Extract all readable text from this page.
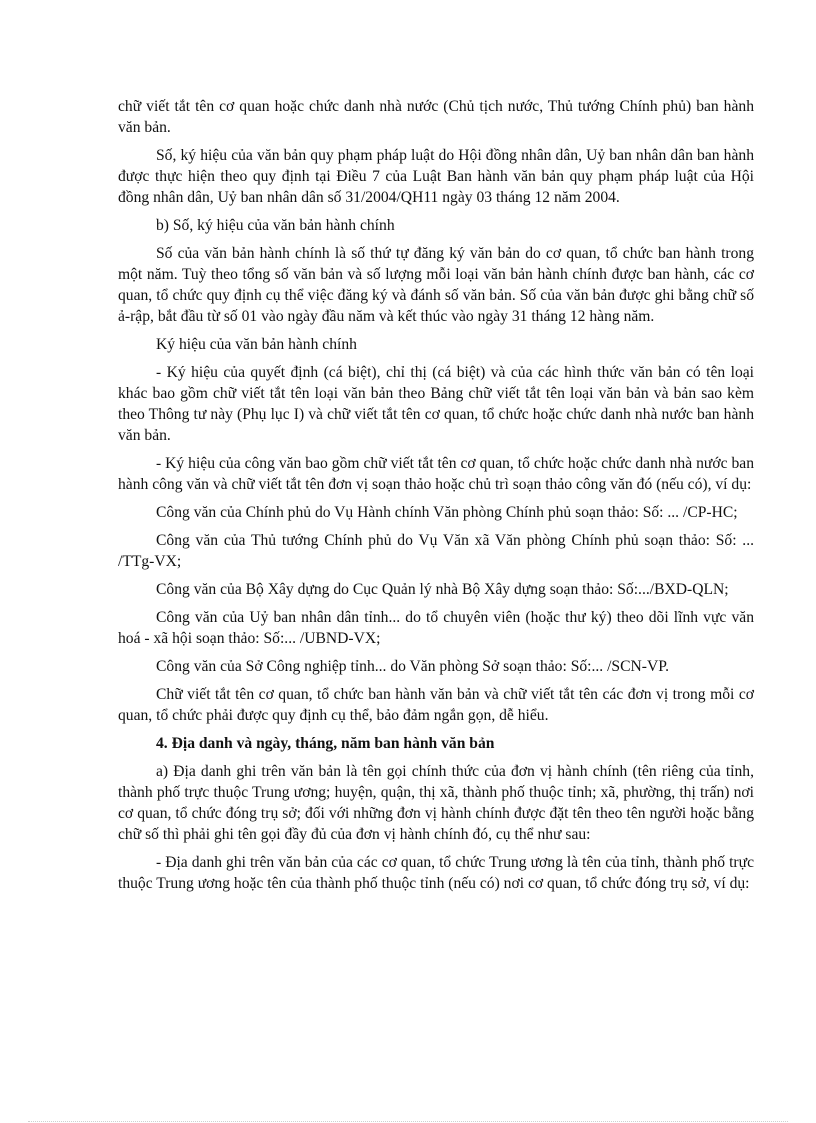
chữ viết tắt tên cơ quan hoặc chức danh nhà nước (Chủ tịch nước, Thủ tướng Chính phủ) ban hành văn bản.

Số, ký hiệu của văn bản quy phạm pháp luật do Hội đồng nhân dân, Uỷ ban nhân dân ban hành được thực hiện theo quy định tại Điều 7 của Luật Ban hành văn bản quy phạm pháp luật của Hội đồng nhân dân, Uỷ ban nhân dân số 31/2004/QH11 ngày 03 tháng 12 năm 2004.

b) Số, ký hiệu của văn bản hành chính

Số của văn bản hành chính là số thứ tự đăng ký văn bản do cơ quan, tổ chức ban hành trong một năm. Tuỳ theo tổng số văn bản và số lượng mỗi loại văn bản hành chính được ban hành, các cơ quan, tổ chức quy định cụ thể việc đăng ký và đánh số văn bản. Số của văn bản được ghi bằng chữ số ả-rập, bắt đầu từ số 01 vào ngày đầu năm và kết thúc vào ngày 31 tháng 12 hàng năm.

Ký hiệu của văn bản hành chính

- Ký hiệu của quyết định (cá biệt), chỉ thị (cá biệt) và của các hình thức văn bản có tên loại khác bao gồm chữ viết tắt tên loại văn bản theo Bảng chữ viết tắt tên loại văn bản và bản sao kèm theo Thông tư này (Phụ lục I) và chữ viết tắt tên cơ quan, tổ chức hoặc chức danh nhà nước ban hành văn bản.

- Ký hiệu của công văn bao gồm chữ viết tắt tên cơ quan, tổ chức hoặc chức danh nhà nước ban hành công văn và chữ viết tắt tên đơn vị soạn thảo hoặc chủ trì soạn thảo công văn đó (nếu có), ví dụ:

Công văn của Chính phủ do Vụ Hành chính Văn phòng Chính phủ soạn thảo: Số: ... /CP-HC;

Công văn của Thủ tướng Chính phủ do Vụ Văn xã Văn phòng Chính phủ soạn thảo: Số: ... /TTg-VX;

Công văn của Bộ Xây dựng do Cục Quản lý nhà Bộ Xây dựng soạn thảo: Số:.../BXD-QLN;

Công văn của Uỷ ban nhân dân tỉnh... do tổ chuyên viên (hoặc thư ký) theo dõi lĩnh vực văn hoá - xã hội soạn thảo: Số:... /UBND-VX;

Công văn của Sở Công nghiệp tỉnh... do Văn phòng Sở soạn thảo: Số:... /SCN-VP.

Chữ viết tắt tên cơ quan, tổ chức ban hành văn bản và chữ viết tắt tên các đơn vị trong mỗi cơ quan, tổ chức phải được quy định cụ thể, bảo đảm ngắn gọn, dễ hiểu.

4. Địa danh và ngày, tháng, năm ban hành văn bản

a) Địa danh ghi trên văn bản là tên gọi chính thức của đơn vị hành chính (tên riêng của tỉnh, thành phố trực thuộc Trung ương; huyện, quận, thị xã, thành phố thuộc tỉnh; xã, phường, thị trấn) nơi cơ quan, tổ chức đóng trụ sở; đối với những đơn vị hành chính được đặt tên theo tên người hoặc bằng chữ số thì phải ghi tên gọi đầy đủ của đơn vị hành chính đó, cụ thể như sau:

- Địa danh ghi trên văn bản của các cơ quan, tổ chức Trung ương là tên của tỉnh, thành phố trực thuộc Trung ương hoặc tên của thành phố thuộc tỉnh (nếu có) nơi cơ quan, tổ chức đóng trụ sở, ví dụ:
